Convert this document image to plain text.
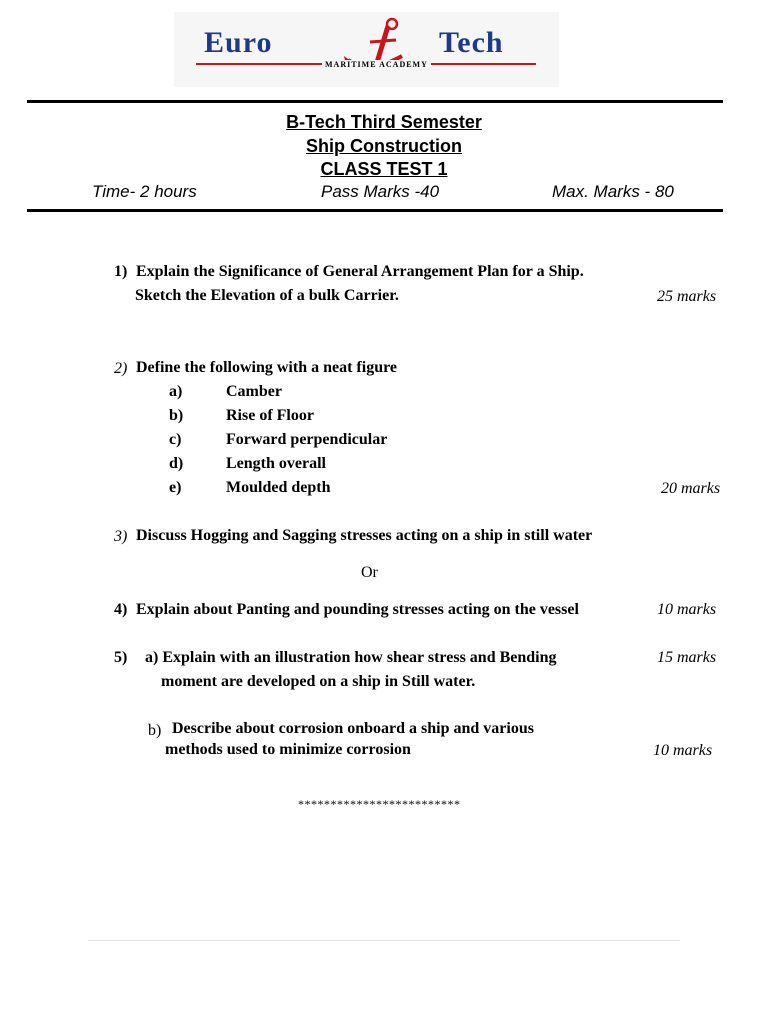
Euro	Tech
MARITIME ACADEMY
B-Tech Third Semester
Ship Construction
CLASS TEST 1
Time- 2 hours	Pass Marks -40	Max. Marks - 80
1) Explain the Significance of General Arrangement Plan for a Ship.
Sketch the Elevation of a bulk Carrier.	25 marks
2) Define the following with a neat figure
a)	Camber
b)	Rise of Floor
c)	Forward perpendicular
d)	Length overall
e)	Moulded depth	20 marks
3) Discuss Hogging and Sagging stresses acting on a ship in still water
Or
4) Explain about Panting and pounding stresses acting on the vessel	10 marks
5) a) Explain with an illustration how shear stress and Bending	15 marks
moment are developed on a ship in Still water.
b) Describe about corrosion onboard a ship and various
methods used to minimize corrosion	10 marks
*************************
